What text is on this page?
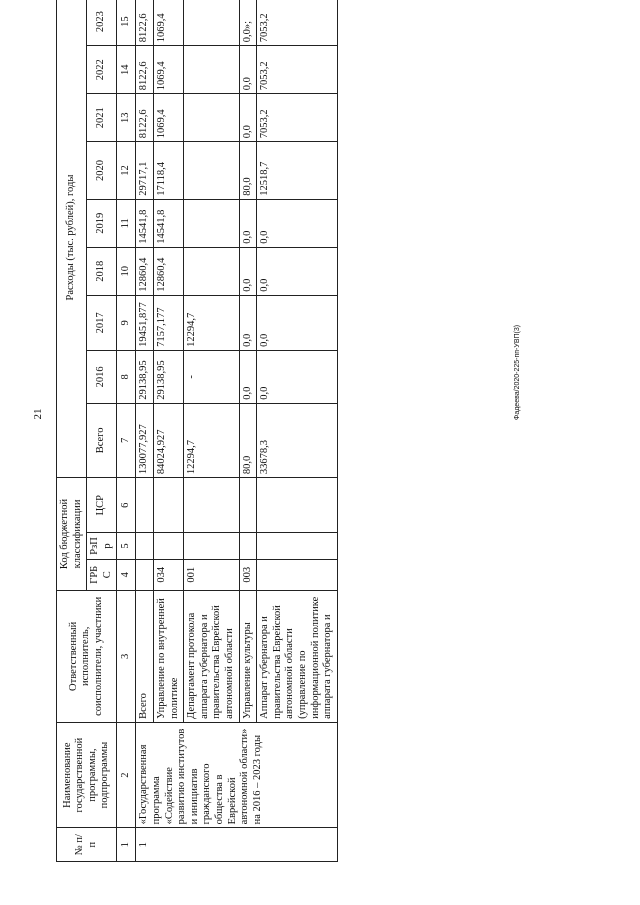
21	Фадеева/2020-225-пп-УВП(3)
№ п/п	Наименование государственной программы, подпрограммы	Ответственный исполнитель, соисполнители, участники	Код бюджетной классификации			Расходы (тыс. рублей), годы								
			ГРБС	РзПр	ЦСР	Всего	2016	2017	2018	2019	2020	2021	2022	2023
1	2	3	4	5	6	7	8	9	10	11	12	13	14	15
1	«Государственная программа «Содействие развитию институтов и инициатив гражданского общества в Еврейской автономной области» на 2016 – 2023 годы	Всего				130077,927	29138,95	19451,877	12860,4	14541,8	29717,1	8122,6	8122,6	8122,6
		Управление по внутренней политике	034			84024,927	29138,95	7157,177	12860,4	14541,8	17118,4	1069,4	1069,4	1069,4
		Департамент протокола аппарата губернатора и правительства Еврейской автономной области	001			12294,7	-	12294,7						
		Управление культуры	003			80,0	0,0	0,0	0,0	0,0	80,0	0,0	0,0	0,0»;
		Аппарат губернатора и правительства Еврейской автономной области (управление по информационной политике аппарата губернатора и				33678,3	0,0	0,0	0,0	0,0	12518,7	7053,2	7053,2	7053,2
